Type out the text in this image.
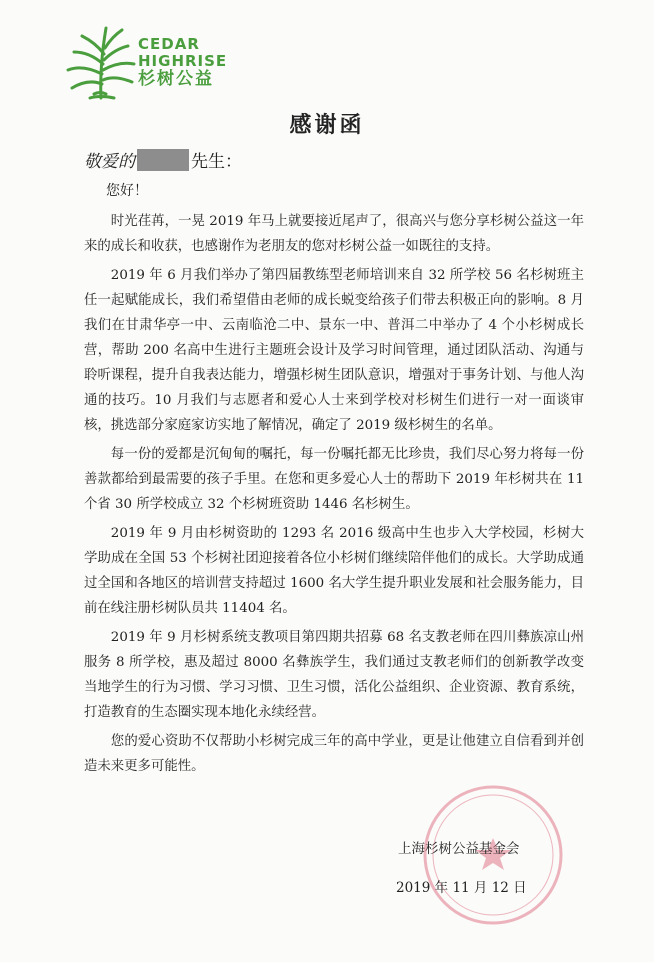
CEDAR
HIGHRISE
杉树公益
感谢函
敬爱的	先生：
您好！

时光荏苒，一晃 2019 年马上就要接近尾声了，很高兴与您分享杉树公益这一年来的成长和收获，也感谢作为老朋友的您对杉树公益一如既往的支持。

2019 年 6 月我们举办了第四届教练型老师培训来自 32 所学校 56 名杉树班主任一起赋能成长，我们希望借由老师的成长蜕变给孩子们带去积极正向的影响。8 月我们在甘肃华亭一中、云南临沧二中、景东一中、普洱二中举办了 4 个小杉树成长营，帮助 200 名高中生进行主题班会设计及学习时间管理，通过团队活动、沟通与聆听课程，提升自我表达能力，增强杉树生团队意识，增强对于事务计划、与他人沟通的技巧。10 月我们与志愿者和爱心人士来到学校对杉树生们进行一对一面谈审核，挑选部分家庭家访实地了解情况，确定了 2019 级杉树生的名单。

每一份的爱都是沉甸甸的嘱托，每一份嘱托都无比珍贵，我们尽心努力将每一份善款都给到最需要的孩子手里。在您和更多爱心人士的帮助下 2019 年杉树共在 11 个省 30 所学校成立 32 个杉树班资助 1446 名杉树生。

2019 年 9 月由杉树资助的 1293 名 2016 级高中生也步入大学校园，杉树大学助成在全国 53 个杉树社团迎接着各位小杉树们继续陪伴他们的成长。大学助成通过全国和各地区的培训营支持超过 1600 名大学生提升职业发展和社会服务能力，目前在线注册杉树队员共 11404 名。

2019 年 9 月杉树系统支教项目第四期共招募 68 名支教老师在四川彝族凉山州服务 8 所学校，惠及超过 8000 名彝族学生，我们通过支教老师们的创新教学改变当地学生的行为习惯、学习习惯、卫生习惯，活化公益组织、企业资源、教育系统，打造教育的生态圈实现本地化永续经营。

您的爱心资助不仅帮助小杉树完成三年的高中学业，更是让他建立自信看到并创造未来更多可能性。

上海杉树公益基金会
2019 年 11 月 12 日
